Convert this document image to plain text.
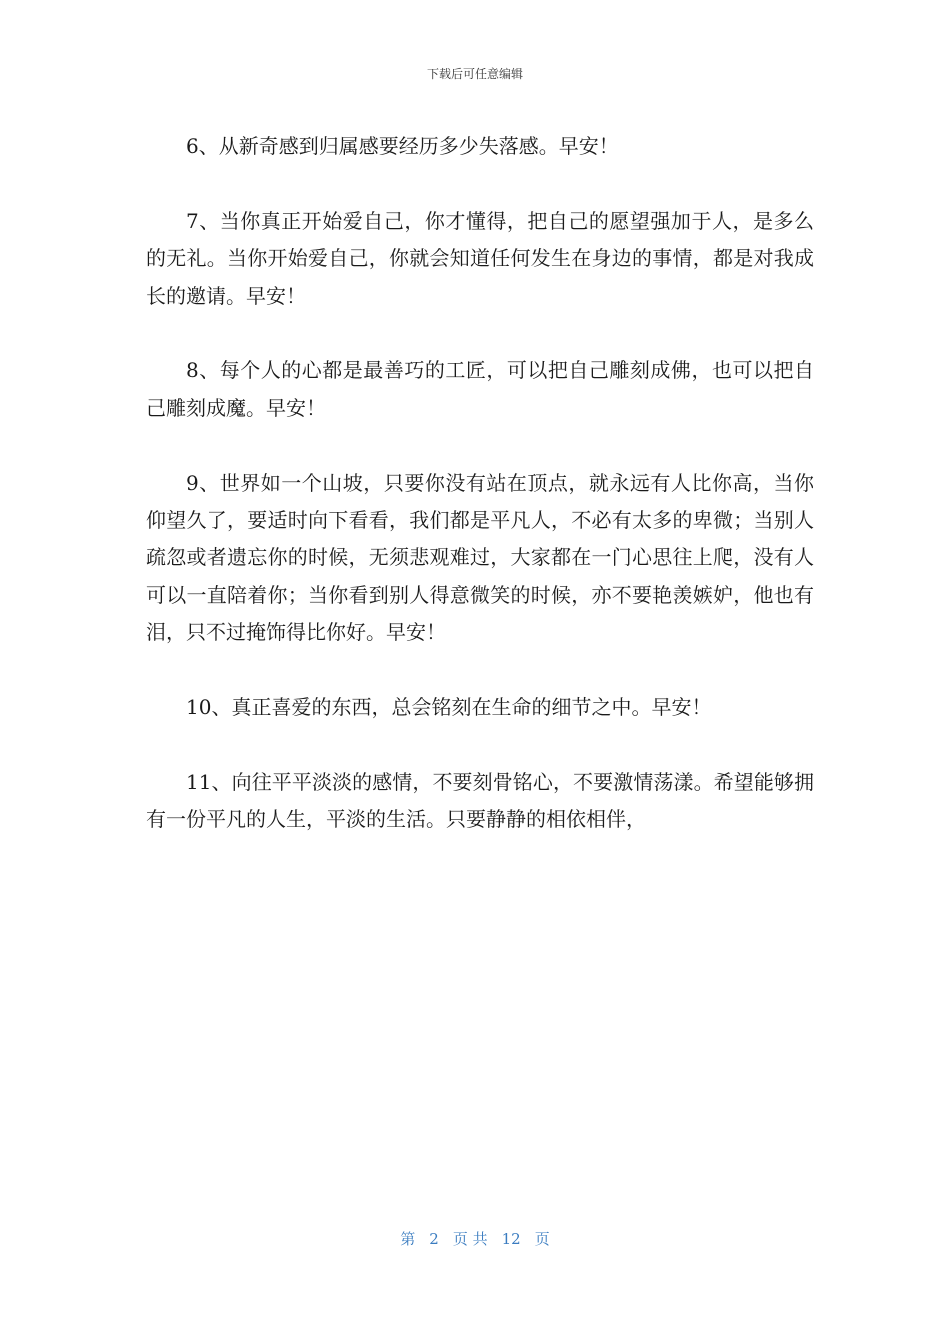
下载后可任意编辑

6、从新奇感到归属感要经历多少失落感。早安！

7、当你真正开始爱自己，你才懂得，把自己的愿望强加于人，是多么的无礼。当你开始爱自己，你就会知道任何发生在身边的事情，都是对我成长的邀请。早安！

8、每个人的心都是最善巧的工匠，可以把自己雕刻成佛，也可以把自己雕刻成魔。早安！

9、世界如一个山坡，只要你没有站在顶点，就永远有人比你高，当你仰望久了，要适时向下看看，我们都是平凡人，不必有太多的卑微；当别人疏忽或者遗忘你的时候，无须悲观难过，大家都在一门心思往上爬，没有人可以一直陪着你；当你看到别人得意微笑的时候，亦不要艳羡嫉妒，他也有泪，只不过掩饰得比你好。早安！

10、真正喜爱的东西，总会铭刻在生命的细节之中。早安！

11、向往平平淡淡的感情，不要刻骨铭心，不要激情荡漾。希望能够拥有一份平凡的人生，平淡的生活。只要静静的相依相伴，

第 2 页 共 12 页
